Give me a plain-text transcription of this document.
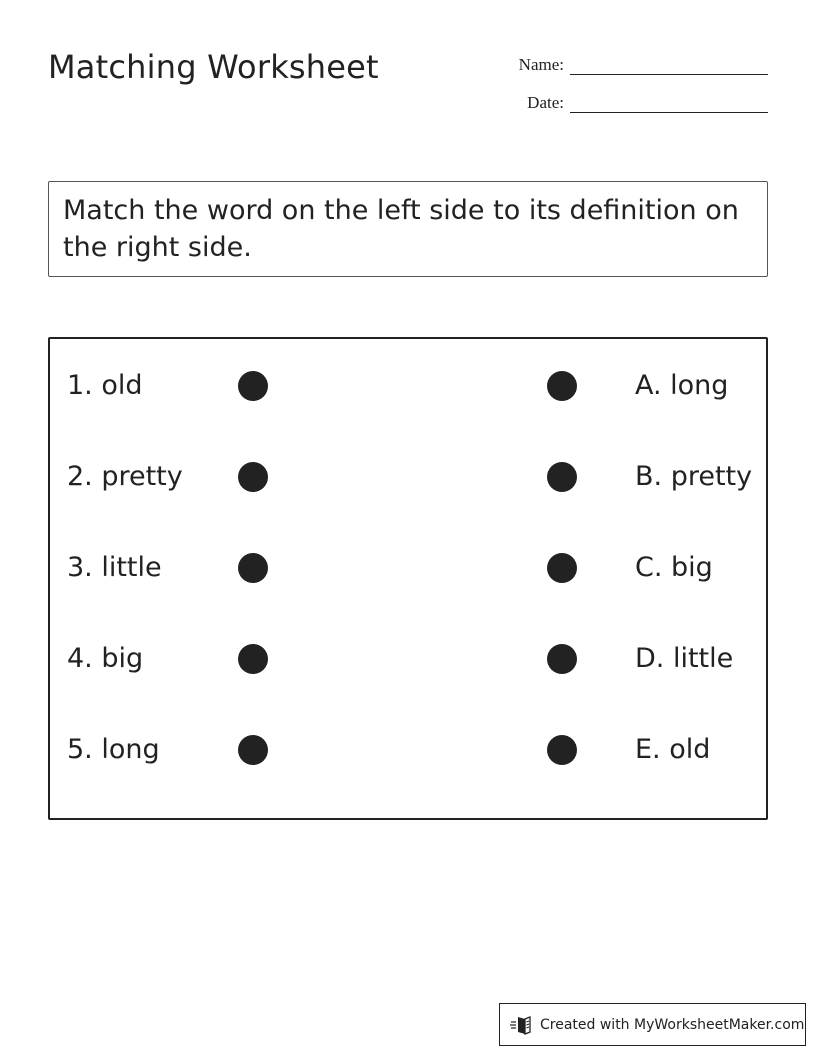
Matching Worksheet	Name:
Date:
Match the word on the left side to its definition on the right side.
1. old	A. long
2. pretty	B. pretty
3. little	C. big
4. big	D. little
5. long	E. old
Created with MyWorksheetMaker.com
